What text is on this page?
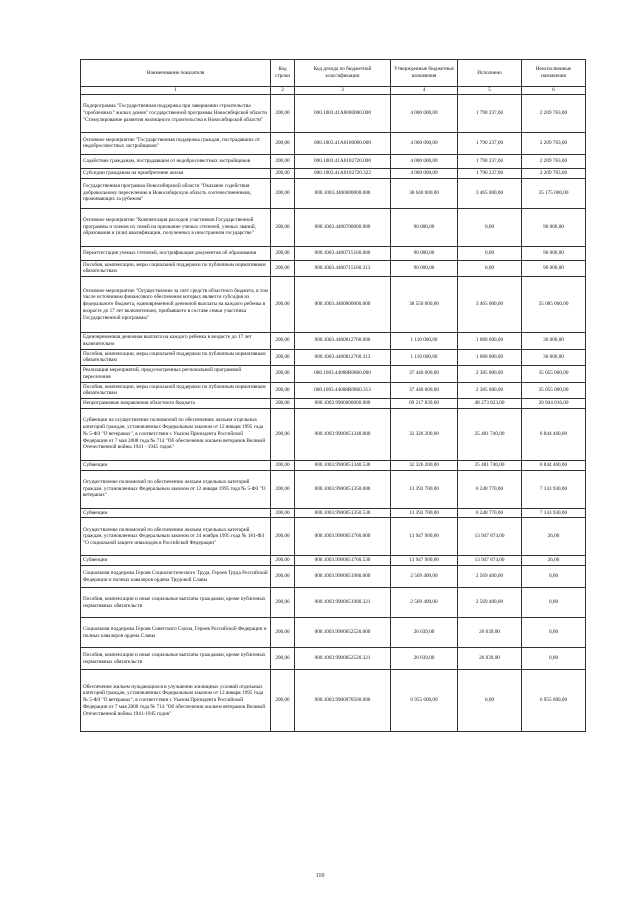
Наименование показателя	Код строки	Код дохода по бюджетной классификации	Утвержденные бюджетные назначения	Исполнено	Неисполненные назначения
1	2	3	4	5	6
Подпрограмма "Государственная поддержка при завершении строительства "проблемных" жилых домов" государственной программы Новосибирской области "Стимулирование развития жилищного строительства в Новосибирской области"	200,00	000.1003.41А0000000.000	4 000 000,00	1 790 237,00	2 209 763,00
Основное мероприятие "Государственная поддержка граждан, пострадавших от недобросовестных застройщиков"	200,00	000.1003.41А0100000.000	4 000 000,00	1 790 237,00	2 209 763,00
Содействие гражданам, пострадавшим от недобросовестных застройщиков	200,00	000.1003.41А0102720.000	4 000 000,00	1 790 237,00	2 209 763,00
Субсидии гражданам на приобретение жилья	200,00	000.1003.41А0102720.322	4 000 000,00	1 790 237,00	2 209 763,00
Государственная программа Новосибирской области "Оказание содействия добровольному переселению в Новосибирскую область соотечественников, проживающих за рубежом"	200,00	000.1003.4400000000.000	38 640 000,00	3 465 000,00	35 175 000,00
Основное мероприятие "Компенсация расходов участников Государственной программы и членов их семей на признание ученых степеней, ученых званий, образования и (или) квалификации, полученных в иностранном государстве"	200,00	000.1003.4400700000.000	90 000,00	0,00	90 000,00
Переаттестация ученых степеней, нострификация документов об образовании	200,00	000.1003.4400715160.000	90 000,00	0,00	90 000,00
Пособия, компенсации, меры социальной поддержки по публичным нормативным обязательствам	200,00	000.1003.4400715160.313	90 000,00	0,00	90 000,00
Основное мероприятие "Осуществление за счет средств областного бюджета, в том числе источником финансового обеспечения которых является субсидия из федерального бюджета, единовременной денежной выплаты на каждого ребенка в возрасте до 17 лет включительно, прибывшего в составе семьи участника Государственной программы"	200,00	000.1003.4400800000.000	38 550 000,00	3 465 000,00	35 085 000,00
Единовременная денежная выплата на каждого ребенка в возрасте до 17 лет включительно	200,00	000.1003.4400812760.000	1 110 000,00	1 080 000,00	30 000,00
Пособия, компенсации, меры социальной поддержки по публичным нормативным обязательствам	200,00	000.1003.4400812760.313	1 110 000,00	1 080 000,00	30 000,00
Реализация мероприятий, предусмотренных региональной программой переселения	200,00	000.1003.44008R0860.000	37 440 000,00	2 385 000,00	35 055 000,00
Пособия, компенсации, меры социальной поддержки по публичным нормативным обязательствам	200,00	000.1003.44008R0860.313	37 440 000,00	2 385 000,00	35 055 000,00
Непрограммные направления областного бюджета	200,00	000.1003.9900000000.000	69 217 839,00	48 273 823,00	20 944 016,00
Субвенции на осуществление полномочий по обеспечению жильем отдельных категорий граждан, установленных Федеральным законом от 12 января 1995 года № 5-ФЗ "О ветеранах", в соответствии с Указом Президента Российской Федерации от 7 мая 2008 года № 714 "Об обеспечении жильем ветеранов Великой Отечественной войны 1941 - 1945 годов"	200,00	000.1003.9900051340.000	32 326 200,00	25 481 740,00	6 844 460,00
Субвенции	200,00	000.1003.9900051340.530	32 326 200,00	25 481 740,00	6 844 460,00
Осуществление полномочий по обеспечению жильем отдельных категорий граждан, установленных Федеральным законом от 12 января 1995 года № 5-ФЗ "О ветеранах"	200,00	000.1003.9900051350.000	13 392 700,00	6 248 770,00	7 143 930,00
Субвенции	200,00	000.1003.9900051350.530	13 392 700,00	6 248 770,00	7 143 930,00
Осуществление полномочий по обеспечению жильем отдельных категорий граждан, установленных Федеральным законом от 24 ноября 1995 года № 181-ФЗ "О социальной защите инвалидов в Российской Федерации"	200,00	000.1003.9900051760.000	13 947 900,00	13 947 874,00	26,00
Субвенции	200,00	000.1003.9900051760.530	13 947 900,00	13 947 874,00	26,00
Социальная поддержка Героев Социалистического Труда, Героев Труда Российской Федерации и полных кавалеров ордена Трудовой Славы	200,00	000.1003.9900051980.000	2 569 400,00	2 569 400,00	0,00
Пособия, компенсации и иные социальные выплаты гражданам, кроме публичных нормативных обязательств	200,00	000.1003.9900051980.321	2 569 400,00	2 569 400,00	0,00
Социальная поддержка Героев Советского Союза, Героев Российской Федерации и полных кавалеров ордена Славы	200,00	000.1003.9900052520.000	26 039,00	26 039,00	0,00
Пособия, компенсации и иные социальные выплаты гражданам, кроме публичных нормативных обязательств	200,00	000.1003.9900052520.321	26 039,00	26 039,00	0,00
Обеспечение жильем нуждающихся в улучшении жилищных условий отдельных категорий граждан, установленных Федеральным законом от 12 января 1995 года № 5-ФЗ "О ветеранах", в соответствии с Указом Президента Российской Федерации от 7 мая 2008 года № 714 "Об обеспечении жильем ветеранов Великой Отечественной войны 1941-1945 годов"	200,00	000.1003.9900070560.000	6 955 600,00	0,00	6 955 600,00
110
